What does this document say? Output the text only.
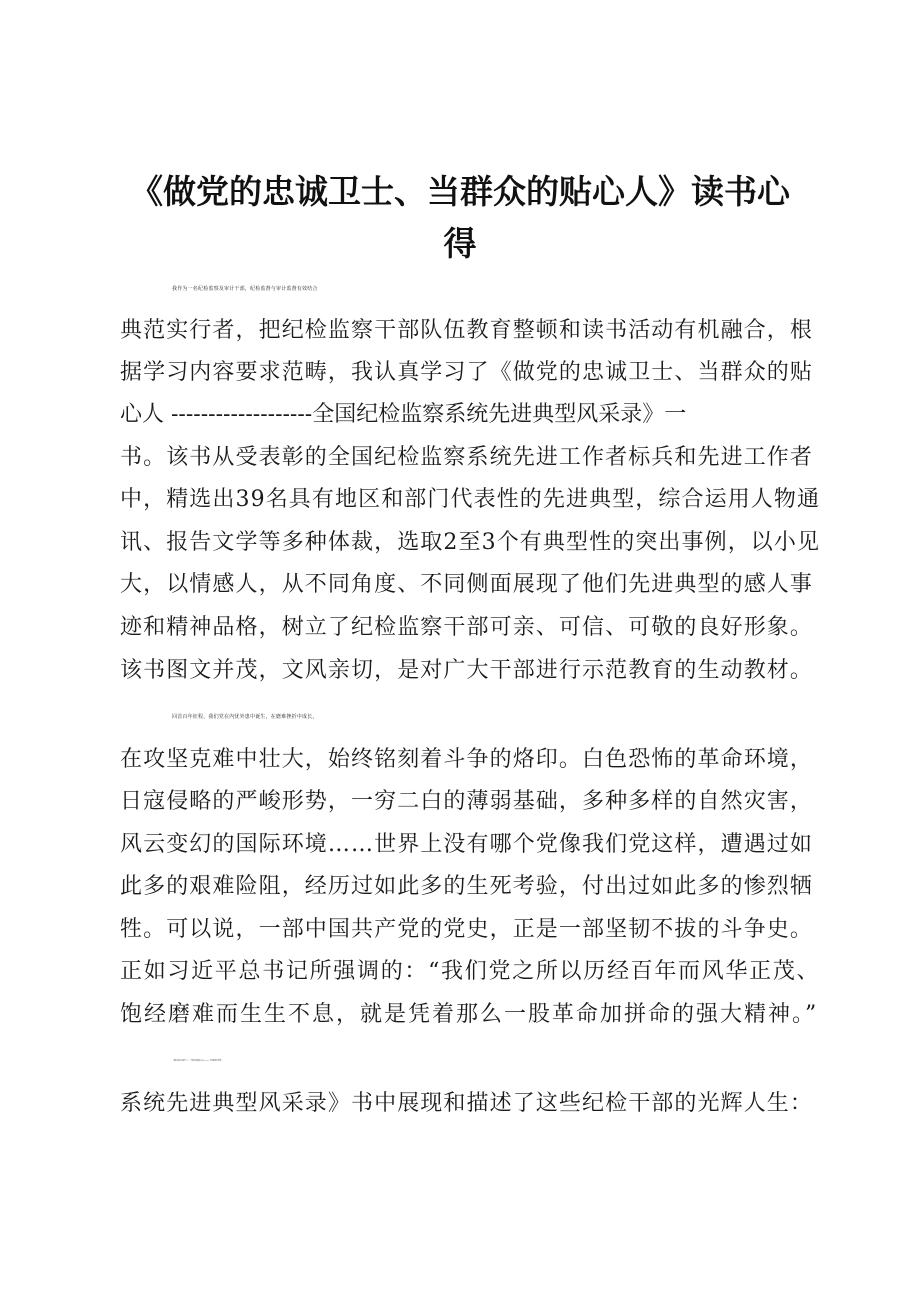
《做党的忠诚卫士、当群众的贴心人》读书心
得
我作为一名纪检监察及审计干部，纪检监督与审计监督有效结合
典范实行者，把纪检监察干部队伍教育整顿和读书活动有机融合，根
据学习内容要求范畴，我认真学习了《做党的忠诚卫士、当群众的贴
心人 -------------------全国纪检监察系统先进典型风采录》一
书。该书从受表彰的全国纪检监察系统先进工作者标兵和先进工作者
中，精选出39名具有地区和部门代表性的先进典型，综合运用人物通
讯、报告文学等多种体裁，选取2至3个有典型性的突出事例，以小见
大，以情感人，从不同角度、不同侧面展现了他们先进典型的感人事
迹和精神品格，树立了纪检监察干部可亲、可信、可敬的良好形象。
该书图文并茂，文风亲切，是对广大干部进行示范教育的生动教材。
回首百年征程，我们党在内忧外患中诞生，在磨难挫折中成长，
在攻坚克难中壮大，始终铭刻着斗争的烙印。白色恐怖的革命环境，
日寇侵略的严峻形势，一穷二白的薄弱基础，多种多样的自然灾害，
风云变幻的国际环境……世界上没有哪个党像我们党这样，遭遇过如
此多的艰难险阻，经历过如此多的生死考验，付出过如此多的惨烈牺
牲。可以说，一部中国共产党的党史，正是一部坚韧不拔的斗争史。
正如习近平总书记所强调的：“我们党之所以历经百年而风华正茂、
饱经磨难而生生不息，就是凭着那么一股革命加拼命的强大精神。”
《做党的忠诚卫士、当群众的贴心人--------全国纪检监察
系统先进典型风采录》书中展现和描述了这些纪检干部的光辉人生：
